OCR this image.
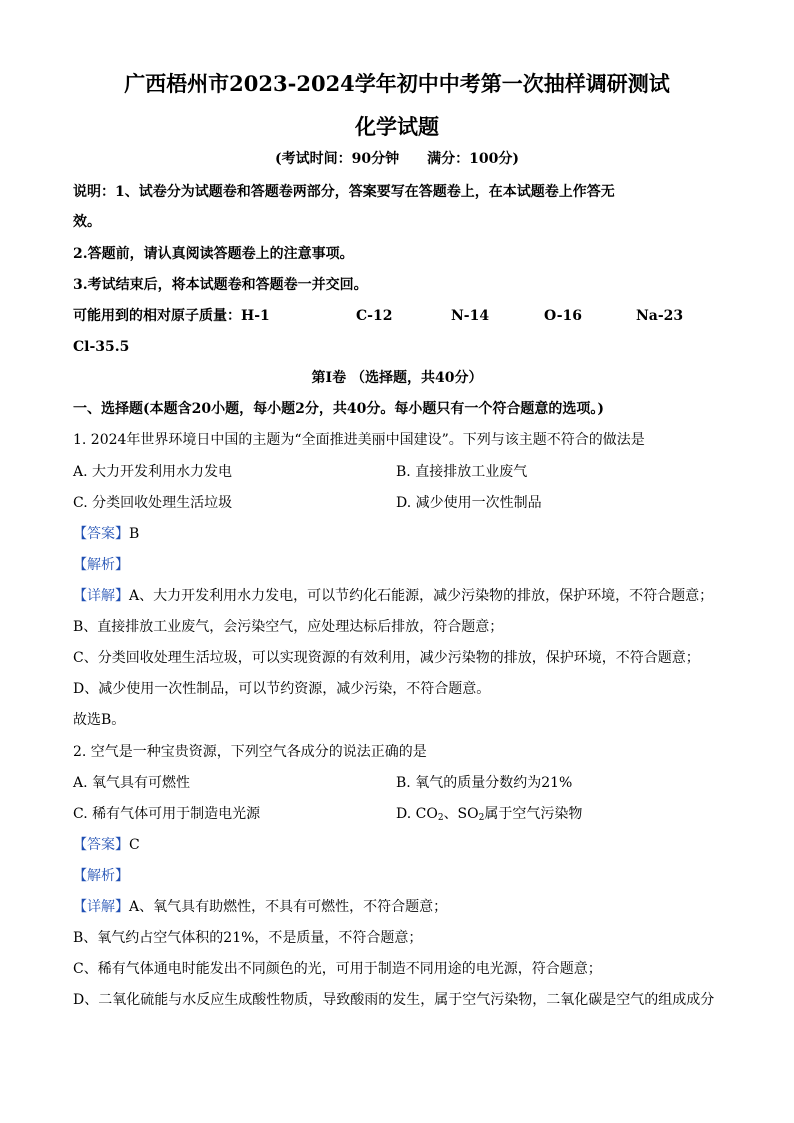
广西梧州市2023-2024学年初中中考第一次抽样调研测试
化学试题
(考试时间：90分钟　　满分：100分)
说明：1、试卷分为试题卷和答题卷两部分，答案要写在答题卷上，在本试题卷上作答无
效。
2.答题前，请认真阅读答题卷上的注意事项。
3.考试结束后，将本试题卷和答题卷一并交回。
可能用到的相对原子质量：H-1	C-12	N-14	O-16	Na-23
Cl-35.5
第Ⅰ卷 （选择题，共40分）
一、选择题(本题含20小题，每小题2分，共40分。每小题只有一个符合题意的选项。)
1. 2024年世界环境日中国的主题为“全面推进美丽中国建设”。下列与该主题不符合的做法是
A. 大力开发利用水力发电	B. 直接排放工业废气
C. 分类回收处理生活垃圾	D. 减少使用一次性制品
【答案】B
【解析】
【详解】A、大力开发利用水力发电，可以节约化石能源，减少污染物的排放，保护环境，不符合题意；
B、直接排放工业废气，会污染空气，应处理达标后排放，符合题意；
C、分类回收处理生活垃圾，可以实现资源的有效利用，减少污染物的排放，保护环境，不符合题意；
D、减少使用一次性制品，可以节约资源，减少污染，不符合题意。
故选B。
2. 空气是一种宝贵资源，下列空气各成分的说法正确的是
A. 氧气具有可燃性	B. 氧气的质量分数约为21%
C. 稀有气体可用于制造电光源	D. $CO_2$、$SO_2$属于空气污染物
【答案】C
【解析】
【详解】A、氧气具有助燃性，不具有可燃性，不符合题意；
B、氧气约占空气体积的21%，不是质量，不符合题意；
C、稀有气体通电时能发出不同颜色的光，可用于制造不同用途的电光源，符合题意；
D、二氧化硫能与水反应生成酸性物质，导致酸雨的发生，属于空气污染物，二氧化碳是空气的组成成分
